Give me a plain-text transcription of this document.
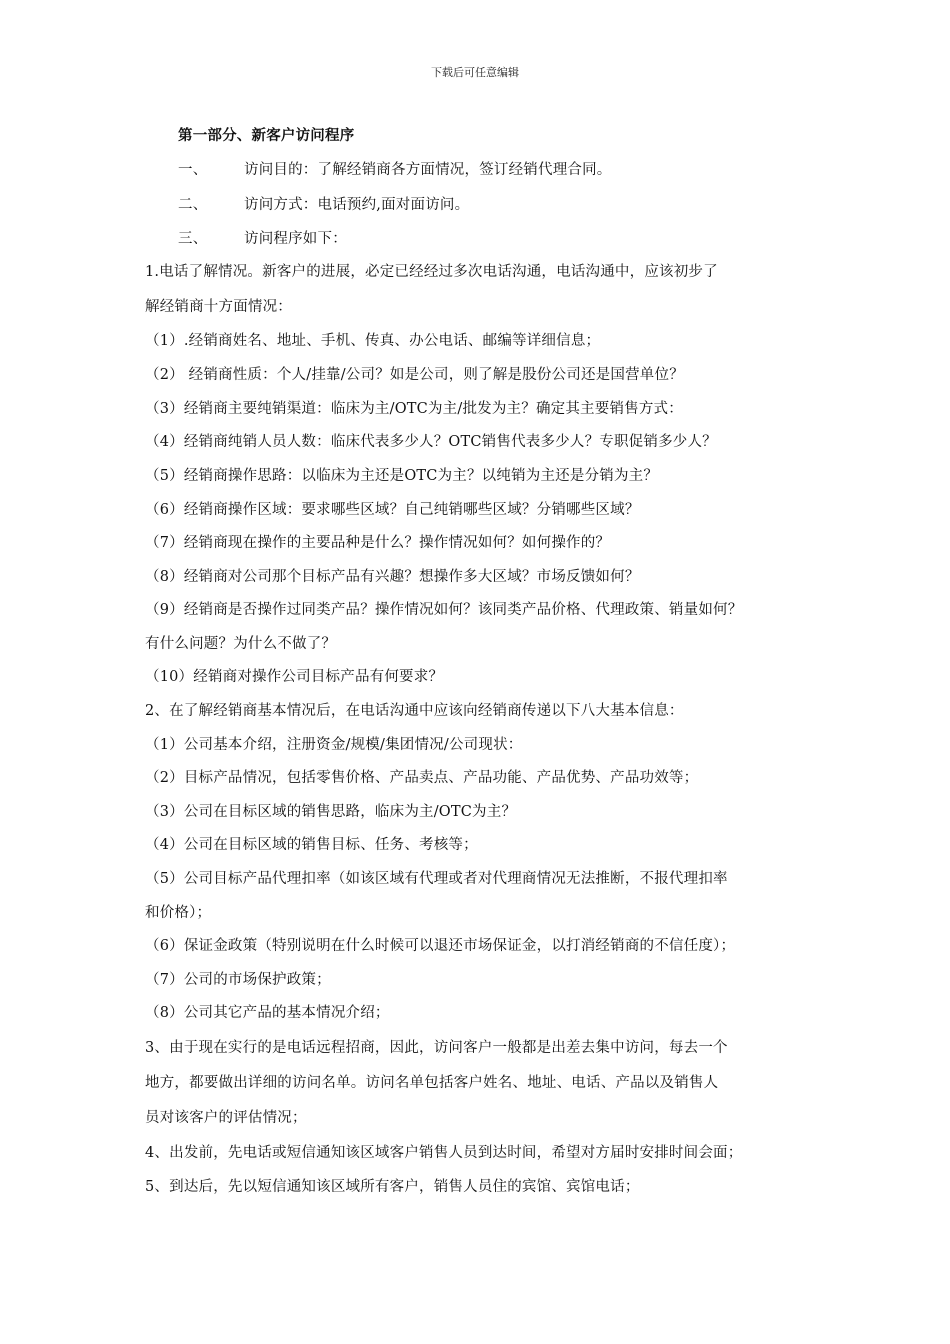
下载后可任意编辑
第一部分、新客户访问程序
一、	访问目的：了解经销商各方面情况，签订经销代理合同。
二、	访问方式：电话预约,面对面访问。
三、	访问程序如下：
1.电话了解情况。新客户的进展，必定已经经过多次电话沟通，电话沟通中，应该初步了
解经销商十方面情况：
（1）.经销商姓名、地址、手机、传真、办公电话、邮编等详细信息；
（2） 经销商性质：个人/挂靠/公司？如是公司，则了解是股份公司还是国营单位？
（3）经销商主要纯销渠道：临床为主/OTC为主/批发为主？确定其主要销售方式：
（4）经销商纯销人员人数：临床代表多少人？OTC销售代表多少人？专职促销多少人？
（5）经销商操作思路：以临床为主还是OTC为主？以纯销为主还是分销为主？
（6）经销商操作区域：要求哪些区域？自己纯销哪些区域？分销哪些区域？
（7）经销商现在操作的主要品种是什么？操作情况如何？如何操作的？
（8）经销商对公司那个目标产品有兴趣？想操作多大区域？市场反馈如何？
（9）经销商是否操作过同类产品？操作情况如何？该同类产品价格、代理政策、销量如何？
有什么问题？为什么不做了？
（10）经销商对操作公司目标产品有何要求？
2、在了解经销商基本情况后，在电话沟通中应该向经销商传递以下八大基本信息：
（1）公司基本介绍，注册资金/规模/集团情况/公司现状：
（2）目标产品情况，包括零售价格、产品卖点、产品功能、产品优势、产品功效等；
（3）公司在目标区域的销售思路，临床为主/OTC为主？
（4）公司在目标区域的销售目标、任务、考核等；
（5）公司目标产品代理扣率（如该区域有代理或者对代理商情况无法推断，不报代理扣率
和价格）；
（6）保证金政策（特别说明在什么时候可以退还市场保证金，以打消经销商的不信任度）；
（7）公司的市场保护政策；
（8）公司其它产品的基本情况介绍；
3、由于现在实行的是电话远程招商，因此，访问客户一般都是出差去集中访问，每去一个
地方，都要做出详细的访问名单。访问名单包括客户姓名、地址、电话、产品以及销售人
员对该客户的评估情况；
4、出发前，先电话或短信通知该区域客户销售人员到达时间，希望对方届时安排时间会面；
5、到达后，先以短信通知该区域所有客户，销售人员住的宾馆、宾馆电话；
